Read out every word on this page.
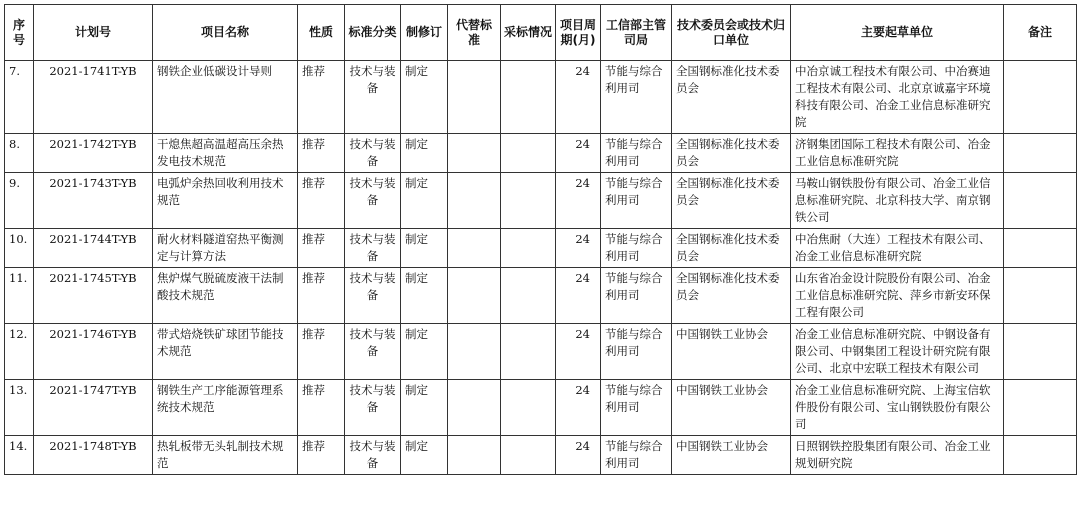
序号	计划号	项目名称	性质	标准分类	制修订	代替标准	采标情况	项目周期(月)	工信部主管司局	技术委员会或技术归口单位	主要起草单位	备注
7.	2021-1741T-YB	钢铁企业低碳设计导则	推荐	技术与装备	制定			24	节能与综合利用司	全国钢标准化技术委员会	中冶京诚工程技术有限公司、中冶赛迪工程技术有限公司、北京京诚嘉宇环境科技有限公司、冶金工业信息标准研究院	
8.	2021-1742T-YB	干熄焦超高温超高压余热发电技术规范	推荐	技术与装备	制定			24	节能与综合利用司	全国钢标准化技术委员会	济钢集团国际工程技术有限公司、冶金工业信息标准研究院	
9.	2021-1743T-YB	电弧炉余热回收利用技术规范	推荐	技术与装备	制定			24	节能与综合利用司	全国钢标准化技术委员会	马鞍山钢铁股份有限公司、冶金工业信息标准研究院、北京科技大学、南京钢铁公司	
10.	2021-1744T-YB	耐火材料隧道窑热平衡测定与计算方法	推荐	技术与装备	制定			24	节能与综合利用司	全国钢标准化技术委员会	中冶焦耐（大连）工程技术有限公司、冶金工业信息标准研究院	
11.	2021-1745T-YB	焦炉煤气脱硫废液干法制酸技术规范	推荐	技术与装备	制定			24	节能与综合利用司	全国钢标准化技术委员会	山东省冶金设计院股份有限公司、冶金工业信息标准研究院、萍乡市新安环保工程有限公司	
12.	2021-1746T-YB	带式焙烧铁矿球团节能技术规范	推荐	技术与装备	制定			24	节能与综合利用司	中国钢铁工业协会	冶金工业信息标准研究院、中钢设备有限公司、中钢集团工程设计研究院有限公司、北京中宏联工程技术有限公司	
13.	2021-1747T-YB	钢铁生产工序能源管理系统技术规范	推荐	技术与装备	制定			24	节能与综合利用司	中国钢铁工业协会	冶金工业信息标准研究院、上海宝信软件股份有限公司、宝山钢铁股份有限公司	
14.	2021-1748T-YB	热轧板带无头轧制技术规范	推荐	技术与装备	制定			24	节能与综合利用司	中国钢铁工业协会	日照钢铁控股集团有限公司、冶金工业规划研究院	
